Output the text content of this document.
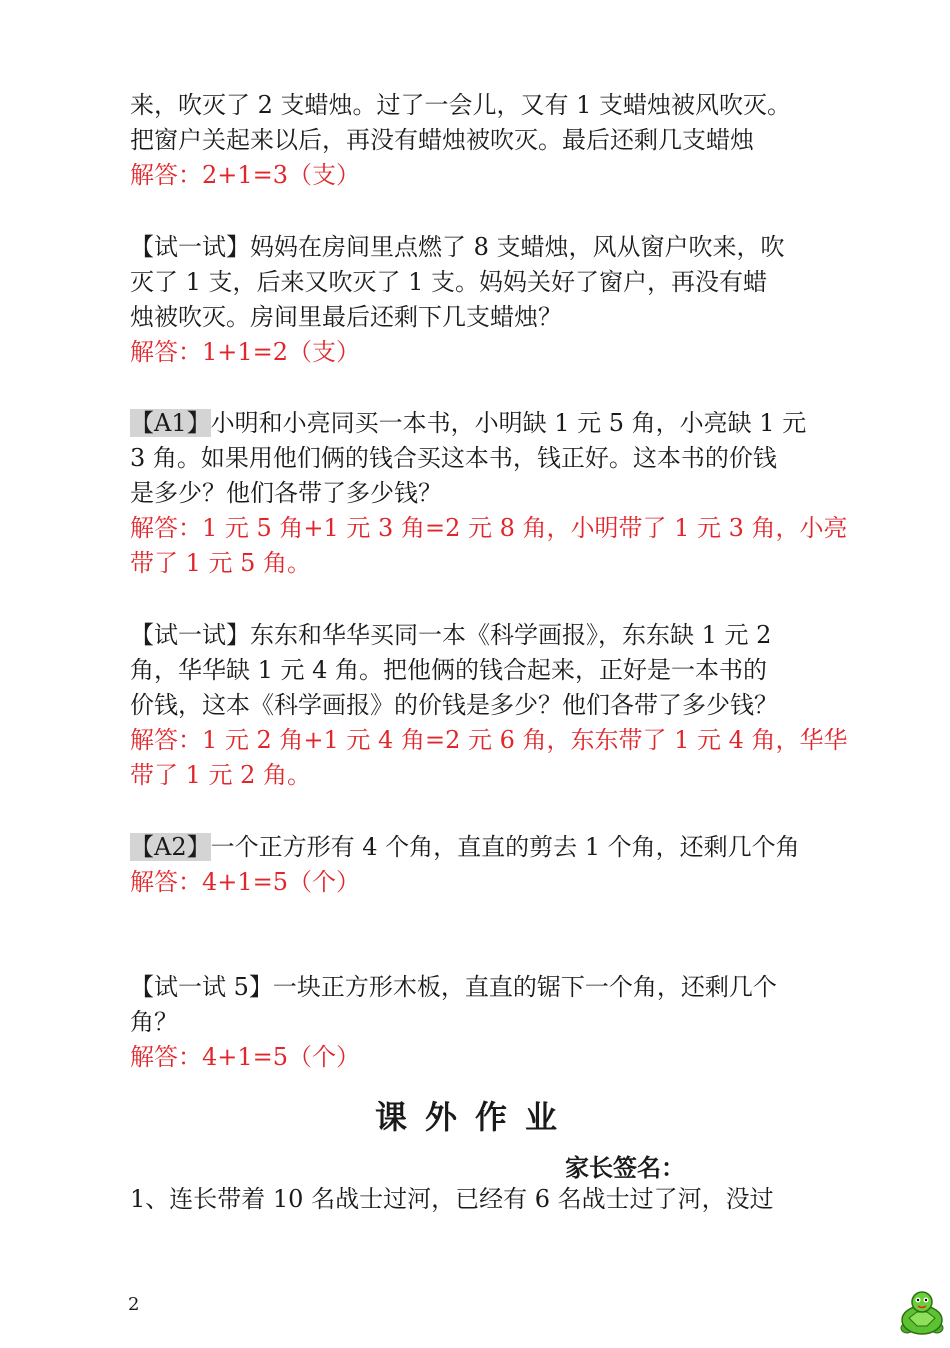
来，吹灭了 2 支蜡烛。过了一会儿，又有 1 支蜡烛被风吹灭。
把窗户关起来以后，再没有蜡烛被吹灭。最后还剩几支蜡烛
解答：2+1=3（支）
【试一试】妈妈在房间里点燃了 8 支蜡烛，风从窗户吹来，吹
灭了 1 支，后来又吹灭了 1 支。妈妈关好了窗户，再没有蜡
烛被吹灭。房间里最后还剩下几支蜡烛？
解答：1+1=2（支）
【A1】小明和小亮同买一本书，小明缺 1 元 5 角，小亮缺 1 元
3 角。如果用他们俩的钱合买这本书，钱正好。这本书的价钱
是多少？他们各带了多少钱？
解答：1 元 5 角+1 元 3 角=2 元 8 角，小明带了 1 元 3 角，小亮
带了 1 元 5 角。
【试一试】东东和华华买同一本《科学画报》，东东缺 1 元 2
角，华华缺 1 元 4 角。把他俩的钱合起来，正好是一本书的
价钱，这本《科学画报》的价钱是多少？他们各带了多少钱？
解答：1 元 2 角+1 元 4 角=2 元 6 角，东东带了 1 元 4 角，华华
带了 1 元 2 角。
【A2】一个正方形有 4 个角，直直的剪去 1 个角，还剩几个角
解答：4+1=5（个）
【试一试 5】一块正方形木板，直直的锯下一个角，还剩几个
角？
解答：4+1=5（个）
1、连长带着 10 名战士过河，已经有 6 名战士过了河，没过
课外作业
家长签名：
2
